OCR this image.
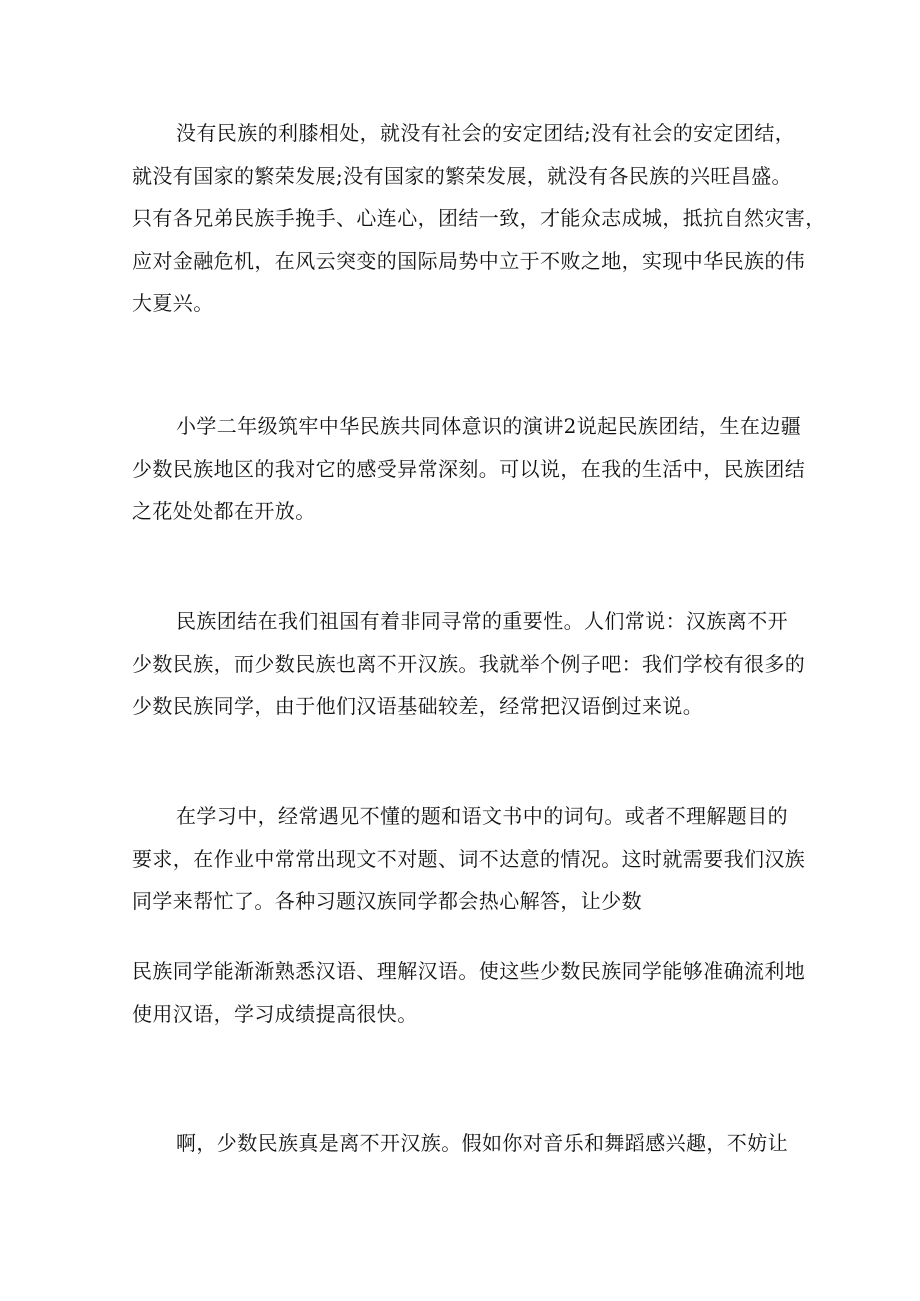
没有民族的利膝相处，就没有社会的安定团结;没有社会的安定团结，
就没有国家的繁荣发展;没有国家的繁荣发展，就没有各民族的兴旺昌盛。
只有各兄弟民族手挽手、心连心，团结一致，才能众志成城，抵抗自然灾害，
应对金融危机，在风云突变的国际局势中立于不败之地，实现中华民族的伟
大夏兴。

小学二年级筑牢中华民族共同体意识的演讲2说起民族团结，生在边疆
少数民族地区的我对它的感受异常深刻。可以说，在我的生活中，民族团结
之花处处都在开放。

民族团结在我们祖国有着非同寻常的重要性。人们常说：汉族离不开
少数民族，而少数民族也离不开汉族。我就举个例子吧：我们学校有很多的
少数民族同学，由于他们汉语基础较差，经常把汉语倒过来说。

在学习中，经常遇见不懂的题和语文书中的词句。或者不理解题目的
要求，在作业中常常出现文不对题、词不达意的情况。这时就需要我们汉族
同学来帮忙了。各种习题汉族同学都会热心解答，让少数

民族同学能渐渐熟悉汉语、理解汉语。使这些少数民族同学能够准确流利地
使用汉语，学习成绩提高很快。

啊，少数民族真是离不开汉族。假如你对音乐和舞蹈感兴趣，不妨让
